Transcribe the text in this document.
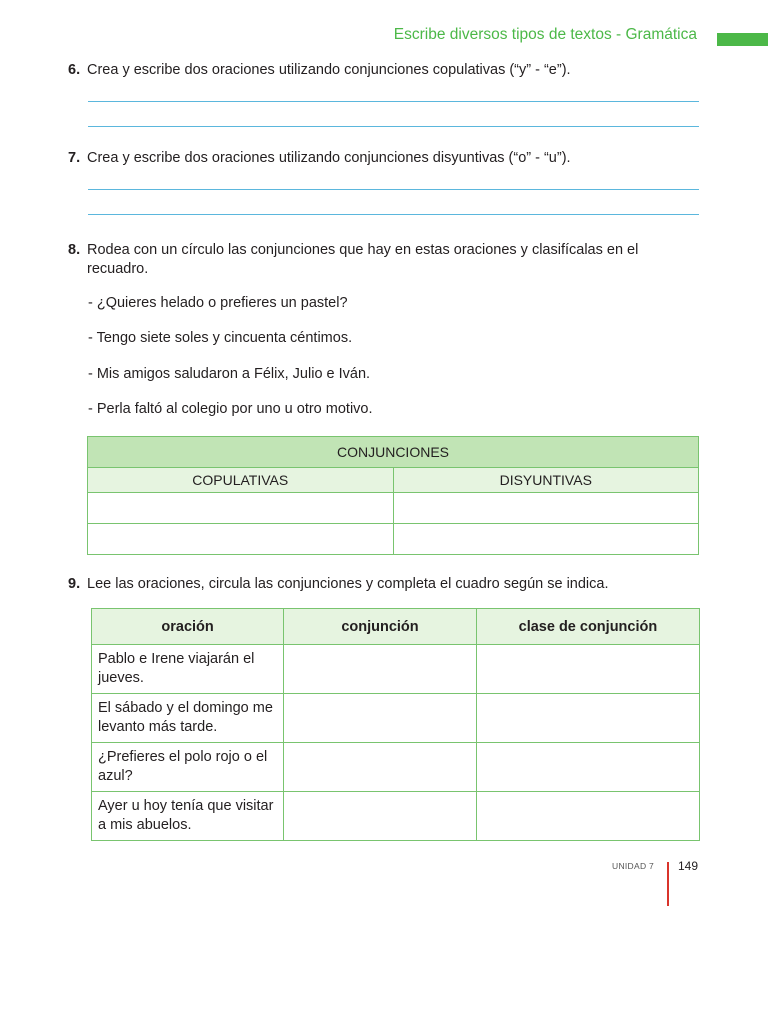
Escribe diversos tipos de textos - Gramática
6. Crea y escribe dos oraciones utilizando conjunciones copulativas (“y” - “e”).
7. Crea y escribe dos oraciones utilizando conjunciones disyuntivas (“o” - “u”).
8. Rodea con un círculo las conjunciones que hay en estas oraciones y clasifícalas en el recuadro.
- ¿Quieres helado o prefieres un pastel?
- Tengo siete soles y cincuenta céntimos.
- Mis amigos saludaron a Félix, Julio e Iván.
- Perla faltó al colegio por uno u otro motivo.
CONJUNCIONES	
COPULATIVAS	DISYUNTIVAS

9. Lee las oraciones, circula las conjunciones y completa el cuadro según se indica.
oración	conjunción	clase de conjunción
Pablo e Irene viajarán el jueves.		
El sábado y el domingo me levanto más tarde.		
¿Prefieres el polo rojo o el azul?		
Ayer u hoy tenía que visitar a mis abuelos.		
UNIDAD 7 149
